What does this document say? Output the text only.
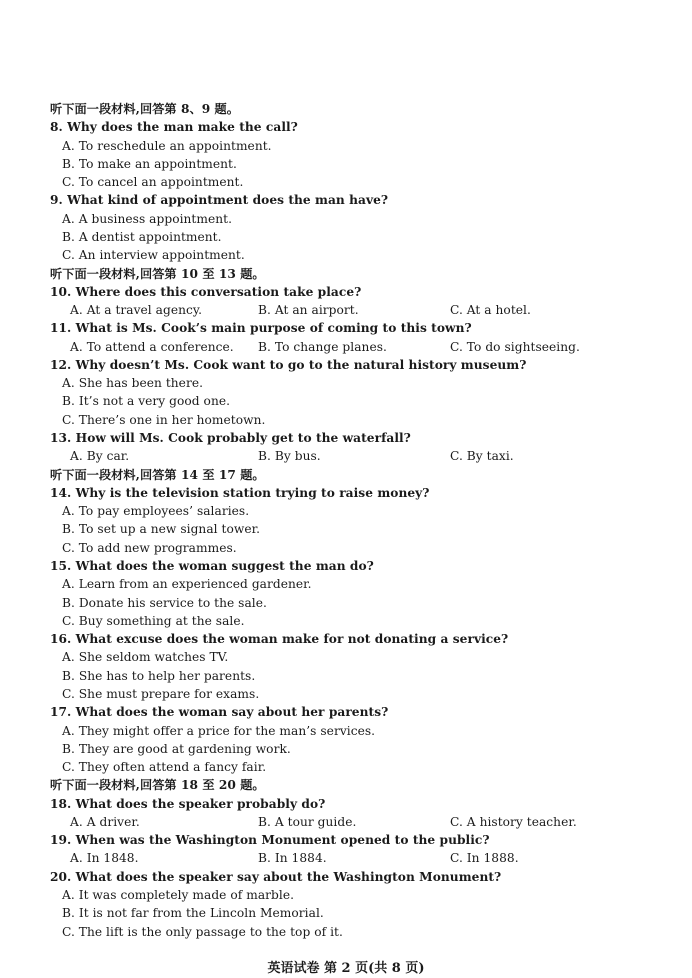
听下面一段材料,回答第 8、9 题。
8. Why does the man make the call?
A. To reschedule an appointment.
B. To make an appointment.
C. To cancel an appointment.
9. What kind of appointment does the man have?
A. A business appointment.
B. A dentist appointment.
C. An interview appointment.
听下面一段材料,回答第 10 至 13 题。
10. Where does this conversation take place?
A. At a travel agency.	B. At an airport.	C. At a hotel.
11. What is Ms. Cook’s main purpose of coming to this town?
A. To attend a conference. B. To change planes.	C. To do sightseeing.
12. Why doesn’t Ms. Cook want to go to the natural history museum?
A. She has been there.
B. It’s not a very good one.
C. There’s one in her hometown.
13. How will Ms. Cook probably get to the waterfall?
A. By car.	B. By bus.	C. By taxi.
听下面一段材料,回答第 14 至 17 题。
14. Why is the television station trying to raise money?
A. To pay employees’ salaries.
B. To set up a new signal tower.
C. To add new programmes.
15. What does the woman suggest the man do?
A. Learn from an experienced gardener.
B. Donate his service to the sale.
C. Buy something at the sale.
16. What excuse does the woman make for not donating a service?
A. She seldom watches TV.
B. She has to help her parents.
C. She must prepare for exams.
17. What does the woman say about her parents?
A. They might offer a price for the man’s services.
B. They are good at gardening work.
C. They often attend a fancy fair.
听下面一段材料,回答第 18 至 20 题。
18. What does the speaker probably do?
A. A driver.	B. A tour guide.	C. A history teacher.
19. When was the Washington Monument opened to the public?
A. In 1848.	B. In 1884.	C. In 1888.
20. What does the speaker say about the Washington Monument?
A. It was completely made of marble.
B. It is not far from the Lincoln Memorial.
C. The lift is the only passage to the top of it.
英语试卷 第 2 页(共 8 页)
